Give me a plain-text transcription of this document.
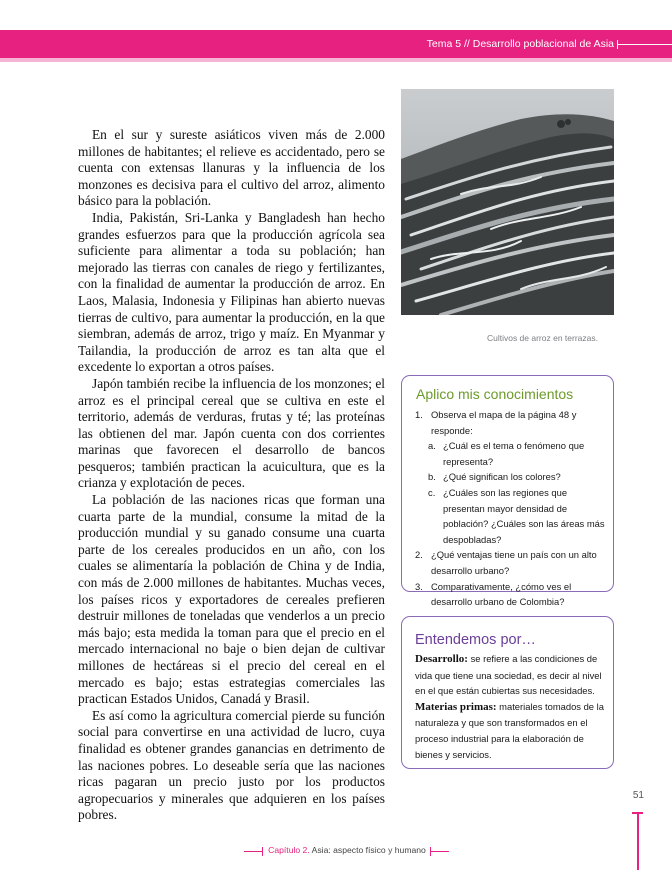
Tema 5 // Desarrollo poblacional de Asia

En el sur y sureste asiáticos viven más de 2.000 millones de habitantes; el relieve es accidentado, pero se cuenta con extensas llanuras y la influencia de los monzones es decisiva para el cultivo del arroz, alimento básico para la población.

India, Pakistán, Sri-Lanka y Bangladesh han hecho grandes esfuerzos para que la producción agrícola sea suficiente para alimentar a toda su población; han mejorado las tierras con canales de riego y fertilizantes, con la finalidad de aumentar la producción de arroz. En Laos, Malasia, Indonesia y Filipinas han abierto nuevas tierras de cultivo, para aumentar la producción, en la que siembran, además de arroz, trigo y maíz. En Myanmar y Tailandia, la producción de arroz es tan alta que el excedente lo exportan a otros países.

Japón también recibe la influencia de los monzones; el arroz es el principal cereal que se cultiva en este el territorio, además de verduras, frutas y té; las proteínas las obtienen del mar. Japón cuenta con dos corrientes marinas que favorecen el desarrollo de bancos pesqueros; también practican la acuicultura, que es la crianza y explotación de peces.

La población de las naciones ricas que forman una cuarta parte de la mundial, consume la mitad de la producción mundial y su ganado consume una cuarta parte de los cereales producidos en un año, con los cuales se alimentaría la población de China y de India, con más de 2.000 millones de habitantes. Muchas veces, los países ricos y exportadores de cereales prefieren destruir millones de toneladas que venderlos a un precio más bajo; esta medida la toman para que el precio en el mercado internacional no baje o bien dejan de cultivar millones de hectáreas si el precio del cereal en el mercado es bajo; estas estrategias comerciales las practican Estados Unidos, Canadá y Brasil.

Es así como la agricultura comercial pierde su función social para convertirse en una actividad de lucro, cuya finalidad es obtener grandes ganancias en detrimento de las naciones pobres. Lo deseable sería que las naciones ricas pagaran un precio justo por los productos agropecuarios y minerales que adquieren en los países pobres.

Cultivos de arroz en terrazas.
Aplico mis conocimientos
1. Observa el mapa de la página 48 y responde:
a. ¿Cuál es el tema o fenómeno que representa?
b. ¿Qué significan los colores?
c. ¿Cuáles son las regiones que presentan mayor densidad de población? ¿Cuáles son las áreas más despobladas?
2. ¿Qué ventajas tiene un país con un alto desarrollo urbano?
3. Comparativamente, ¿cómo ves el desarrollo urbano de Colombia?
Entendemos por…
Desarrollo: se refiere a las condiciones de vida que tiene una sociedad, es decir al nivel en el que están cubiertas sus necesidades.
Materias primas: materiales tomados de la naturaleza y que son transformados en el proceso industrial para la elaboración de bienes y servicios.
51
Capítulo 2. Asia: aspecto físico y humano
